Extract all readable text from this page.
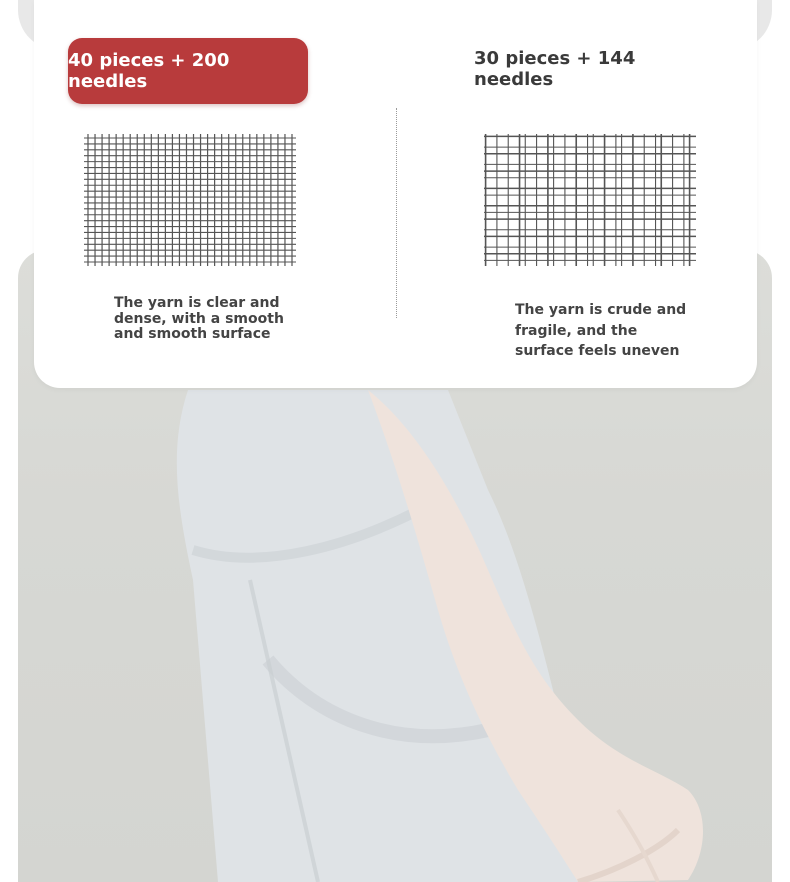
40 pieces + 200 needles
30 pieces + 144 needles
The yarn is clear and dense, with a smooth and smooth surface
The yarn is crude and fragile, and the surface feels uneven
